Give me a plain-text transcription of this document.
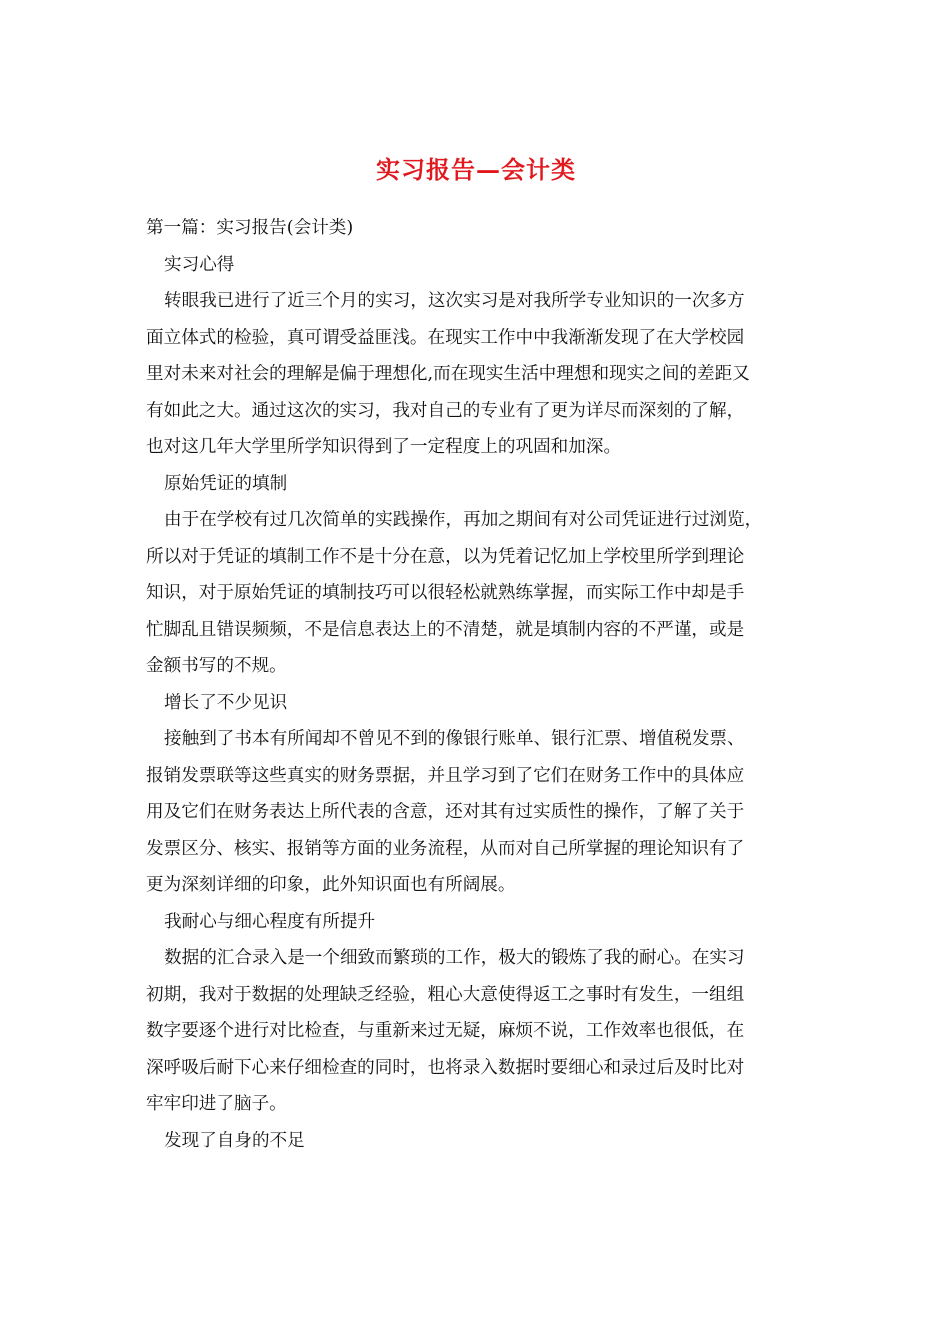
实习报告—会计类

第一篇：实习报告(会计类)

实习心得

转眼我已进行了近三个月的实习，这次实习是对我所学专业知识的一次多方

面立体式的检验，真可谓受益匪浅。在现实工作中中我渐渐发现了在大学校园

里对未来对社会的理解是偏于理想化,而在现实生活中理想和现实之间的差距又

有如此之大。通过这次的实习，我对自己的专业有了更为详尽而深刻的了解，

也对这几年大学里所学知识得到了一定程度上的巩固和加深。

原始凭证的填制

由于在学校有过几次简单的实践操作，再加之期间有对公司凭证进行过浏览，

所以对于凭证的填制工作不是十分在意，以为凭着记忆加上学校里所学到理论

知识，对于原始凭证的填制技巧可以很轻松就熟练掌握，而实际工作中却是手

忙脚乱且错误频频，不是信息表达上的不清楚，就是填制内容的不严谨，或是

金额书写的不规。

增长了不少见识

接触到了书本有所闻却不曾见不到的像银行账单、银行汇票、增值税发票、

报销发票联等这些真实的财务票据，并且学习到了它们在财务工作中的具体应

用及它们在财务表达上所代表的含意，还对其有过实质性的操作，了解了关于

发票区分、核实、报销等方面的业务流程，从而对自己所掌握的理论知识有了

更为深刻详细的印象，此外知识面也有所阔展。

我耐心与细心程度有所提升

数据的汇合录入是一个细致而繁琐的工作，极大的锻炼了我的耐心。在实习

初期，我对于数据的处理缺乏经验，粗心大意使得返工之事时有发生，一组组

数字要逐个进行对比检查，与重新来过无疑，麻烦不说，工作效率也很低，在

深呼吸后耐下心来仔细检查的同时，也将录入数据时要细心和录过后及时比对

牢牢印进了脑子。

发现了自身的不足
